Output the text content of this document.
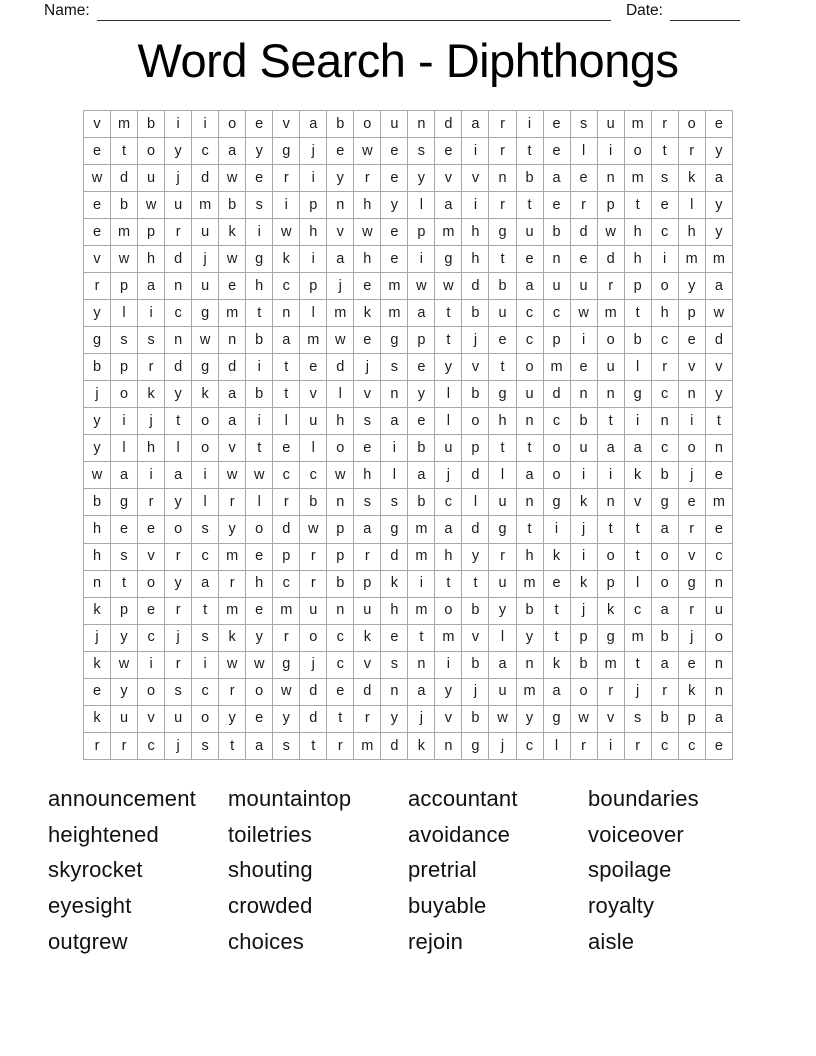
Name:	Date:
Word Search - Diphthongs
v	m	b	i	i	o	e	v	a	b	o	u	n	d	a	r	i	e	s	u	m	r	o	e
e	t	o	y	c	a	y	g	j	e	w	e	s	e	i	r	t	e	l	i	o	t	r	y
w	d	u	j	d	w	e	r	i	y	r	e	y	v	v	n	b	a	e	n	m	s	k	a
e	b	w	u	m	b	s	i	p	n	h	y	l	a	i	r	t	e	r	p	t	e	l	y
e	m	p	r	u	k	i	w	h	v	w	e	p	m	h	g	u	b	d	w	h	c	h	y
v	w	h	d	j	w	g	k	i	a	h	e	i	g	h	t	e	n	e	d	h	i	m	m
r	p	a	n	u	e	h	c	p	j	e	m	w	w	d	b	a	u	u	r	p	o	y	a
y	l	i	c	g	m	t	n	l	m	k	m	a	t	b	u	c	c	w	m	t	h	p	w
g	s	s	n	w	n	b	a	m	w	e	g	p	t	j	e	c	p	i	o	b	c	e	d
b	p	r	d	g	d	i	t	e	d	j	s	e	y	v	t	o	m	e	u	l	r	v	v
j	o	k	y	k	a	b	t	v	l	v	n	y	l	b	g	u	d	n	n	g	c	n	y
y	i	j	t	o	a	i	l	u	h	s	a	e	l	o	h	n	c	b	t	i	n	i	t
y	l	h	l	o	v	t	e	l	o	e	i	b	u	p	t	t	o	u	a	a	c	o	n
w	a	i	a	i	w	w	c	c	w	h	l	a	j	d	l	a	o	i	i	k	b	j	e
b	g	r	y	l	r	l	r	b	n	s	s	b	c	l	u	n	g	k	n	v	g	e	m
h	e	e	o	s	y	o	d	w	p	a	g	m	a	d	g	t	i	j	t	t	a	r	e
h	s	v	r	c	m	e	p	r	p	r	d	m	h	y	r	h	k	i	o	t	o	v	c
n	t	o	y	a	r	h	c	r	b	p	k	i	t	t	u	m	e	k	p	l	o	g	n
k	p	e	r	t	m	e	m	u	n	u	h	m	o	b	y	b	t	j	k	c	a	r	u
j	y	c	j	s	k	y	r	o	c	k	e	t	m	v	l	y	t	p	g	m	b	j	o
k	w	i	r	i	w	w	g	j	c	v	s	n	i	b	a	n	k	b	m	t	a	e	n
e	y	o	s	c	r	o	w	d	e	d	n	a	y	j	u	m	a	o	r	j	r	k	n
k	u	v	u	o	y	e	y	d	t	r	y	j	v	b	w	y	g	w	v	s	b	p	a
r	r	c	j	s	t	a	s	t	r	m	d	k	n	g	j	c	l	r	i	r	c	c	e
announcement
heightened
skyrocket
eyesight
outgrew
mountaintop
toiletries
shouting
crowded
choices
accountant
avoidance
pretrial
buyable
rejoin
boundaries
voiceover
spoilage
royalty
aisle
